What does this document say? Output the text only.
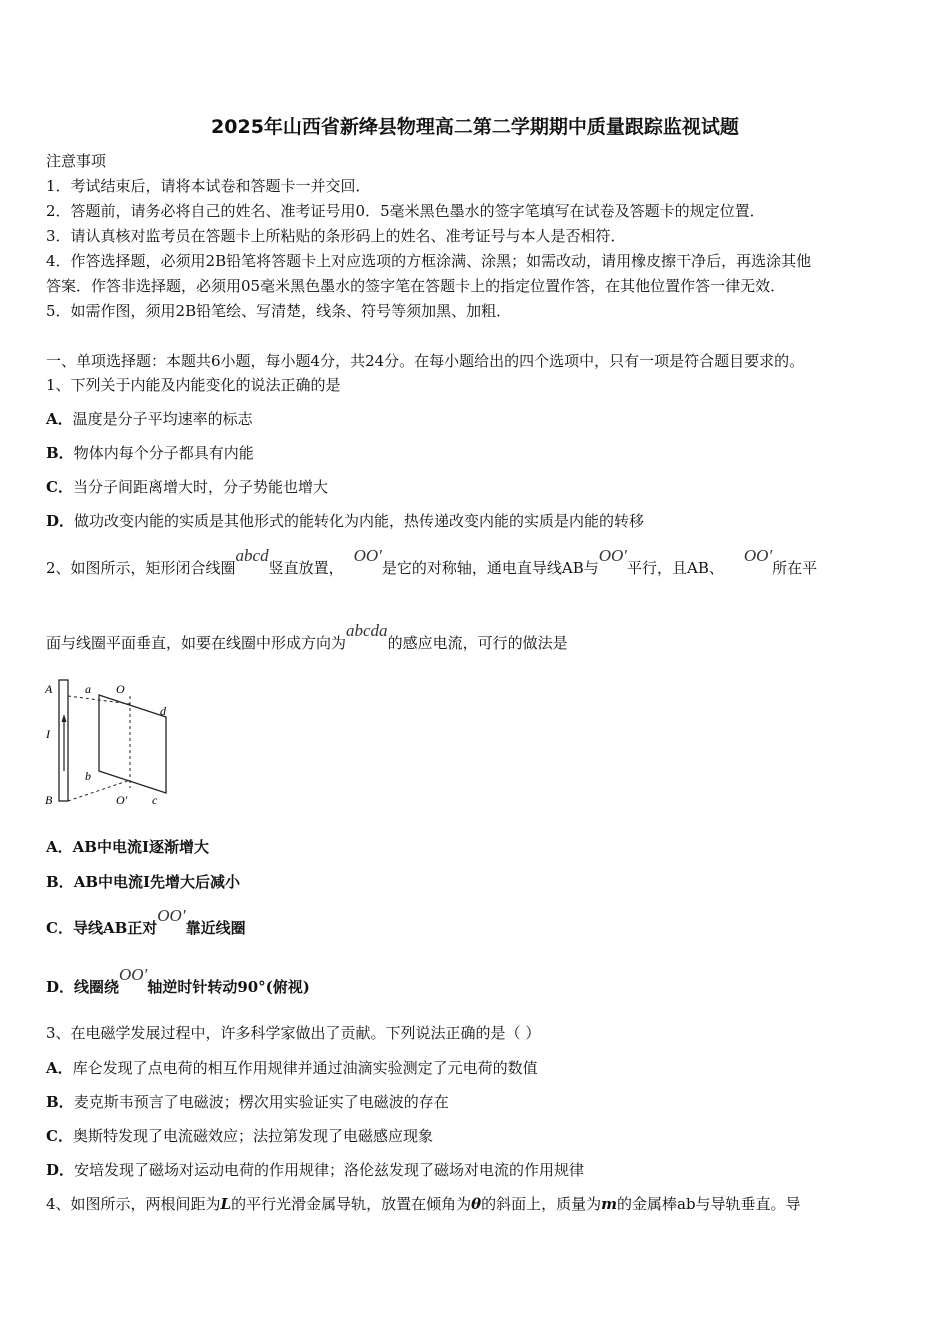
2025年山西省新绛县物理高二第二学期期中质量跟踪监视试题
注意事项
1．考试结束后，请将本试卷和答题卡一并交回．
2．答题前，请务必将自己的姓名、准考证号用0．5毫米黑色墨水的签字笔填写在试卷及答题卡的规定位置．
3．请认真核对监考员在答题卡上所粘贴的条形码上的姓名、准考证号与本人是否相符．
4．作答选择题，必须用2B铅笔将答题卡上对应选项的方框涂满、涂黑；如需改动，请用橡皮擦干净后，再选涂其他
答案．作答非选择题，必须用05毫米黑色墨水的签字笔在答题卡上的指定位置作答，在其他位置作答一律无效．
5．如需作图，须用2B铅笔绘、写清楚，线条、符号等须加黑、加粗．
一、单项选择题：本题共6小题，每小题4分，共24分。在每小题给出的四个选项中，只有一项是符合题目要求的。
1、下列关于内能及内能变化的说法正确的是
A．温度是分子平均速率的标志
B．物体内每个分子都具有内能
C．当分子间距离增大时，分子势能也增大
D．做功改变内能的实质是其他形式的能转化为内能，热传递改变内能的实质是内能的转移
2、如图所示，矩形闭合线圈abcd竖直放置，OO′是它的对称轴，通电直导线AB与OO′平行，且AB、OO′所在平
面与线圈平面垂直，如要在线圈中形成方向为abcda的感应电流，可行的做法是
A
B
I
a
b
c
d
O
O′
A．AB中电流Ⅰ逐渐增大
B．AB中电流I先增大后减小
C．导线AB正对OO′靠近线圈
D．线圈绕OO′轴逆时针转动90°(俯视)
3、在电磁学发展过程中，许多科学家做出了贡献。下列说法正确的是（ ）
A．库仑发现了点电荷的相互作用规律并通过油滴实验测定了元电荷的数值
B．麦克斯韦预言了电磁波；楞次用实验证实了电磁波的存在
C．奥斯特发现了电流磁效应；法拉第发现了电磁感应现象
D．安培发现了磁场对运动电荷的作用规律；洛伦兹发现了磁场对电流的作用规律
4、如图所示，两根间距为L的平行光滑金属导轨，放置在倾角为θ的斜面上，质量为m的金属棒ab与导轨垂直。导
